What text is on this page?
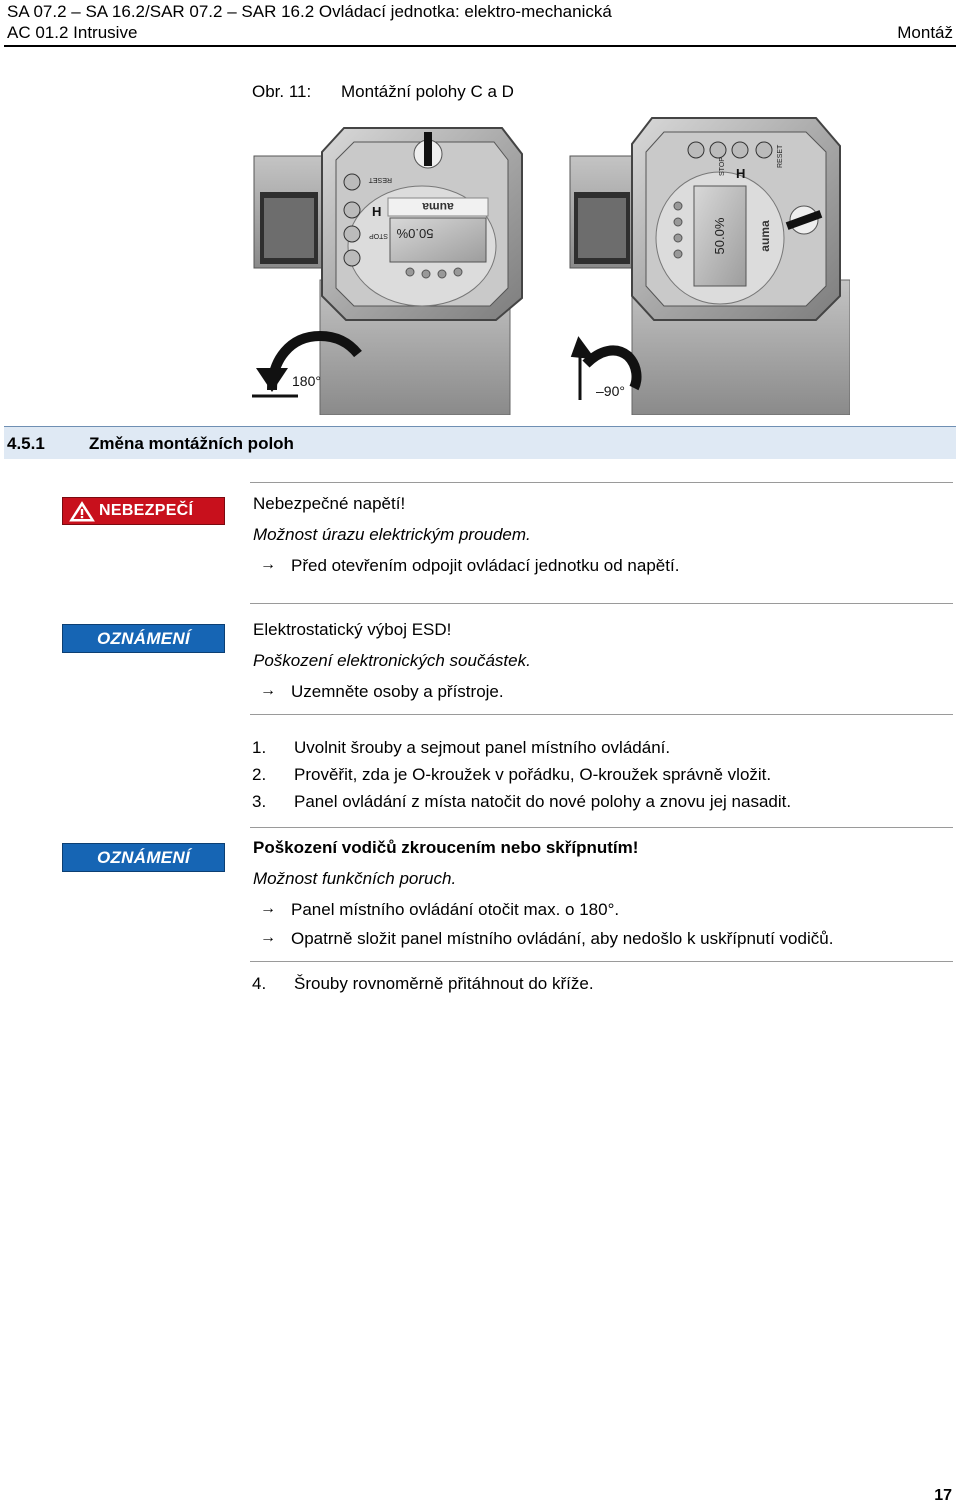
SA 07.2 – SA 16.2/SAR 07.2 – SAR 16.2 Ovládací jednotka: elektro-mechanická
AC 01.2 Intrusive	Montáž
Obr. 11: Montážní polohy C a D
auma
50.0%
H
RESET
STOP
180°
50.0%	auma
H
STOP	RESET
–90°
4.5.1	Změna montážních poloh
NEBEZPEČÍ	Nebezpečné napětí!
Možnost úrazu elektrickým proudem.
→ Před otevřením odpojit ovládací jednotku od napětí.
OZNÁMENÍ	Elektrostatický výboj ESD!
Poškození elektronických součástek.
→ Uzemněte osoby a přístroje.
1. Uvolnit šrouby a sejmout panel místního ovládání.
2. Prověřit, zda je O-kroužek v pořádku, O-kroužek správně vložit.
3. Panel ovládání z místa natočit do nové polohy a znovu jej nasadit.
OZNÁMENÍ
Poškození vodičů zkroucením nebo skřípnutím!
Možnost funkčních poruch.
→ Panel místního ovládání otočit max. o 180°.
→ Opatrně složit panel místního ovládání, aby nedošlo k uskřípnutí vodičů.
4. Šrouby rovnoměrně přitáhnout do kříže.
17
